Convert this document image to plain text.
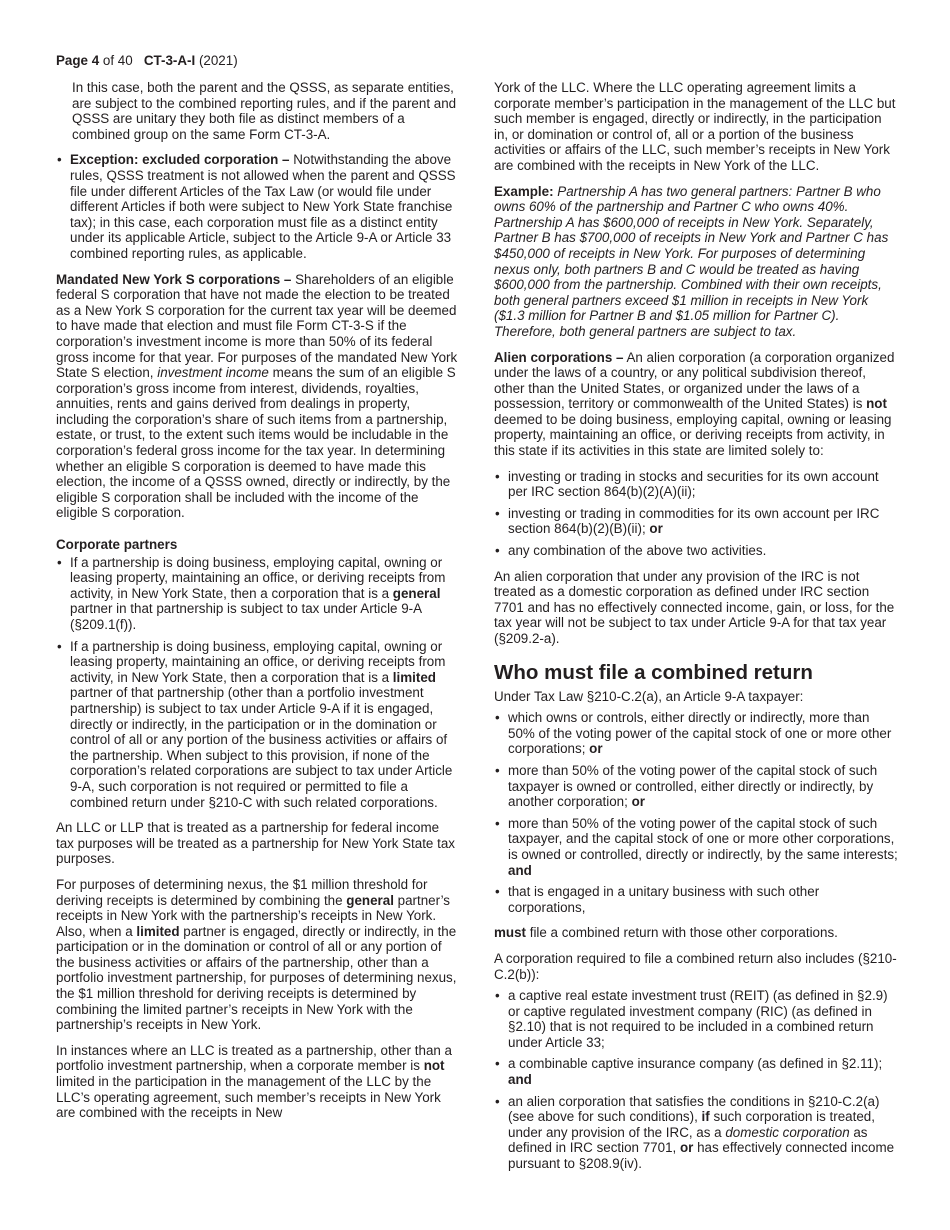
Page 4 of 40 CT-3-A-I (2021)

In this case, both the parent and the QSSS, as separate entities, are subject to the combined reporting rules, and if the parent and QSSS are unitary they both file as distinct members of a combined group on the same Form CT-3-A.

• Exception: excluded corporation – Notwithstanding the above rules, QSSS treatment is not allowed when the parent and QSSS file under different Articles of the Tax Law (or would file under different Articles if both were subject to New York State franchise tax); in this case, each corporation must file as a distinct entity under its applicable Article, subject to the Article 9-A or Article 33 combined reporting rules, as applicable.

Mandated New York S corporations – Shareholders of an eligible federal S corporation that have not made the election to be treated as a New York S corporation for the current tax year will be deemed to have made that election and must file Form CT-3-S if the corporation’s investment income is more than 50% of its federal gross income for that year. For purposes of the mandated New York State S election, investment income means the sum of an eligible S corporation’s gross income from interest, dividends, royalties, annuities, rents and gains derived from dealings in property, including the corporation’s share of such items from a partnership, estate, or trust, to the extent such items would be includable in the corporation’s federal gross income for the tax year. In determining whether an eligible S corporation is deemed to have made this election, the income of a QSSS owned, directly or indirectly, by the eligible S corporation shall be included with the income of the eligible S corporation.

Corporate partners

• If a partnership is doing business, employing capital, owning or leasing property, maintaining an office, or deriving receipts from activity, in New York State, then a corporation that is a general partner in that partnership is subject to tax under Article 9-A (§209.1(f)).
• If a partnership is doing business, employing capital, owning or leasing property, maintaining an office, or deriving receipts from activity, in New York State, then a corporation that is a limited partner of that partnership (other than a portfolio investment partnership) is subject to tax under Article 9-A if it is engaged, directly or indirectly, in the participation or in the domination or control of all or any portion of the business activities or affairs of the partnership. When subject to this provision, if none of the corporation’s related corporations are subject to tax under Article 9-A, such corporation is not required or permitted to file a combined return under §210-C with such related corporations.

An LLC or LLP that is treated as a partnership for federal income tax purposes will be treated as a partnership for New York State tax purposes.

For purposes of determining nexus, the $1 million threshold for deriving receipts is determined by combining the general partner’s receipts in New York with the partnership’s receipts in New York. Also, when a limited partner is engaged, directly or indirectly, in the participation or in the domination or control of all or any portion of the business activities or affairs of the partnership, other than a portfolio investment partnership, for purposes of determining nexus, the $1 million threshold for deriving receipts is determined by combining the limited partner’s receipts in New York with the partnership’s receipts in New York.

In instances where an LLC is treated as a partnership, other than a portfolio investment partnership, when a corporate member is not limited in the participation in the management of the LLC by the LLC’s operating agreement, such member’s receipts in New York are combined with the receipts in New

York of the LLC. Where the LLC operating agreement limits a corporate member’s participation in the management of the LLC but such member is engaged, directly or indirectly, in the participation in, or domination or control of, all or a portion of the business activities or affairs of the LLC, such member’s receipts in New York are combined with the receipts in New York of the LLC.

Example: Partnership A has two general partners: Partner B who owns 60% of the partnership and Partner C who owns 40%. Partnership A has $600,000 of receipts in New York. Separately, Partner B has $700,000 of receipts in New York and Partner C has $450,000 of receipts in New York. For purposes of determining nexus only, both partners B and C would be treated as having $600,000 from the partnership. Combined with their own receipts, both general partners exceed $1 million in receipts in New York ($1.3 million for Partner B and $1.05 million for Partner C). Therefore, both general partners are subject to tax.

Alien corporations – An alien corporation (a corporation organized under the laws of a country, or any political subdivision thereof, other than the United States, or organized under the laws of a possession, territory or commonwealth of the United States) is not deemed to be doing business, employing capital, owning or leasing property, maintaining an office, or deriving receipts from activity, in this state if its activities in this state are limited solely to:

• investing or trading in stocks and securities for its own account per IRC section 864(b)(2)(A)(ii);
• investing or trading in commodities for its own account per IRC section 864(b)(2)(B)(ii); or
• any combination of the above two activities.

An alien corporation that under any provision of the IRC is not treated as a domestic corporation as defined under IRC section 7701 and has no effectively connected income, gain, or loss, for the tax year will not be subject to tax under Article 9-A for that tax year (§209.2-a).

Who must file a combined return

Under Tax Law §210-C.2(a), an Article 9-A taxpayer:

• which owns or controls, either directly or indirectly, more than 50% of the voting power of the capital stock of one or more other corporations; or
• more than 50% of the voting power of the capital stock of such taxpayer is owned or controlled, either directly or indirectly, by another corporation; or
• more than 50% of the voting power of the capital stock of such taxpayer, and the capital stock of one or more other corporations, is owned or controlled, directly or indirectly, by the same interests; and
• that is engaged in a unitary business with such other corporations,

must file a combined return with those other corporations.

A corporation required to file a combined return also includes (§210-C.2(b)):

• a captive real estate investment trust (REIT) (as defined in §2.9) or captive regulated investment company (RIC) (as defined in §2.10) that is not required to be included in a combined return under Article 33;
• a combinable captive insurance company (as defined in §2.11); and
• an alien corporation that satisfies the conditions in §210-C.2(a) (see above for such conditions), if such corporation is treated, under any provision of the IRC, as a domestic corporation as defined in IRC section 7701, or has effectively connected income pursuant to §208.9(iv).
